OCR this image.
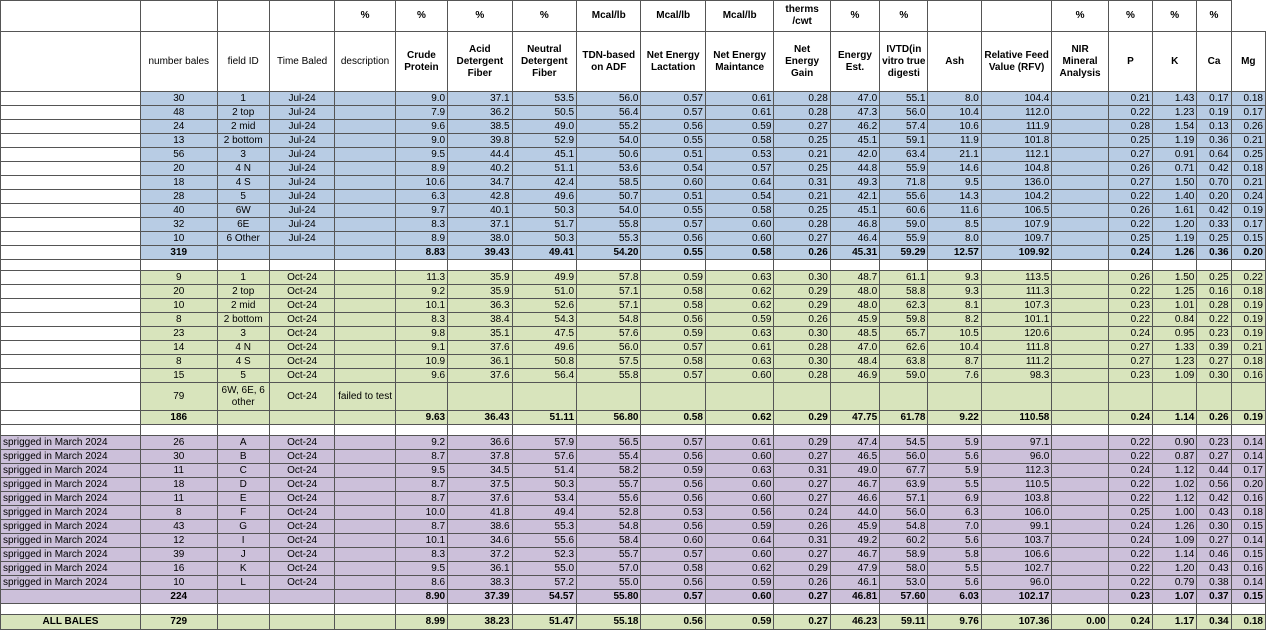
				%	%	%	%	Mcal/lb	Mcal/lb	Mcal/lb	therms /cwt	%	%			%	%	%	%	
	number bales	field ID	Time Baled	description	Crude Protein	Acid Detergent Fiber	Neutral Detergent Fiber	TDN-based on ADF	Net Energy Lactation	Net Energy Maintance	Net Energy Gain	Energy Est.	IVTD(in vitro true digesti	Ash	Relative Feed Value (RFV)	NIR Mineral Analysis	P	K	Ca	Mg
	30	1	Jul-24		9.0	37.1	53.5	56.0	0.57	0.61	0.28	47.0	55.1	8.0	104.4		0.21	1.43	0.17	0.18
	48	2 top	Jul-24		7.9	36.2	50.5	56.4	0.57	0.61	0.28	47.3	56.0	10.4	112.0		0.22	1.23	0.19	0.17
	24	2 mid	Jul-24		9.6	38.5	49.0	55.2	0.56	0.59	0.27	46.2	57.4	10.6	111.9		0.28	1.54	0.13	0.26
	13	2 bottom	Jul-24		9.0	39.8	52.9	54.0	0.55	0.58	0.25	45.1	59.1	11.9	101.8		0.25	1.19	0.36	0.21
	56	3	Jul-24		9.5	44.4	45.1	50.6	0.51	0.53	0.21	42.0	63.4	21.1	112.1		0.27	0.91	0.64	0.25
	20	4 N	Jul-24		8.9	40.2	51.1	53.6	0.54	0.57	0.25	44.8	55.9	14.6	104.8		0.26	0.71	0.42	0.18
	18	4 S	Jul-24		10.6	34.7	42.4	58.5	0.60	0.64	0.31	49.3	71.8	9.5	136.0		0.27	1.50	0.70	0.21
	28	5	Jul-24		6.3	42.8	49.6	50.7	0.51	0.54	0.21	42.1	55.6	14.3	104.2		0.22	1.40	0.20	0.24
	40	6W	Jul-24		9.7	40.1	50.3	54.0	0.55	0.58	0.25	45.1	60.6	11.6	106.5		0.26	1.61	0.42	0.19
	32	6E	Jul-24		8.3	37.1	51.7	55.8	0.57	0.60	0.28	46.8	59.0	8.5	107.9		0.22	1.20	0.33	0.17
	10	6 Other	Jul-24		8.9	38.0	50.3	55.3	0.56	0.60	0.27	46.4	55.9	8.0	109.7		0.25	1.19	0.25	0.15
	319				8.83	39.43	49.41	54.20	0.55	0.58	0.26	45.31	59.29	12.57	109.92		0.24	1.26	0.36	0.20

	9	1	Oct-24		11.3	35.9	49.9	57.8	0.59	0.63	0.30	48.7	61.1	9.3	113.5		0.26	1.50	0.25	0.22
	20	2 top	Oct-24		9.2	35.9	51.0	57.1	0.58	0.62	0.29	48.0	58.8	9.3	111.3		0.22	1.25	0.16	0.18
	10	2 mid	Oct-24		10.1	36.3	52.6	57.1	0.58	0.62	0.29	48.0	62.3	8.1	107.3		0.23	1.01	0.28	0.19
	8	2 bottom	Oct-24		8.3	38.4	54.3	54.8	0.56	0.59	0.26	45.9	59.8	8.2	101.1		0.22	0.84	0.22	0.19
	23	3	Oct-24		9.8	35.1	47.5	57.6	0.59	0.63	0.30	48.5	65.7	10.5	120.6		0.24	0.95	0.23	0.19
	14	4 N	Oct-24		9.1	37.6	49.6	56.0	0.57	0.61	0.28	47.0	62.6	10.4	111.8		0.27	1.33	0.39	0.21
	8	4 S	Oct-24		10.9	36.1	50.8	57.5	0.58	0.63	0.30	48.4	63.8	8.7	111.2		0.27	1.23	0.27	0.18
	15	5	Oct-24		9.6	37.6	56.4	55.8	0.57	0.60	0.28	46.9	59.0	7.6	98.3		0.23	1.09	0.30	0.16
	79	6W, 6E, 6 other	Oct-24	failed to test																
	186				9.63	36.43	51.11	56.80	0.58	0.62	0.29	47.75	61.78	9.22	110.58		0.24	1.14	0.26	0.19

sprigged in March 2024	26	A	Oct-24		9.2	36.6	57.9	56.5	0.57	0.61	0.29	47.4	54.5	5.9	97.1		0.22	0.90	0.23	0.14
sprigged in March 2024	30	B	Oct-24		8.7	37.8	57.6	55.4	0.56	0.60	0.27	46.5	56.0	5.6	96.0		0.22	0.87	0.27	0.14
sprigged in March 2024	11	C	Oct-24		9.5	34.5	51.4	58.2	0.59	0.63	0.31	49.0	67.7	5.9	112.3		0.24	1.12	0.44	0.17
sprigged in March 2024	18	D	Oct-24		8.7	37.5	50.3	55.7	0.56	0.60	0.27	46.7	63.9	5.5	110.5		0.22	1.02	0.56	0.20
sprigged in March 2024	11	E	Oct-24		8.7	37.6	53.4	55.6	0.56	0.60	0.27	46.6	57.1	6.9	103.8		0.22	1.12	0.42	0.16
sprigged in March 2024	8	F	Oct-24		10.0	41.8	49.4	52.8	0.53	0.56	0.24	44.0	56.0	6.3	106.0		0.25	1.00	0.43	0.18
sprigged in March 2024	43	G	Oct-24		8.7	38.6	55.3	54.8	0.56	0.59	0.26	45.9	54.8	7.0	99.1		0.24	1.26	0.30	0.15
sprigged in March 2024	12	I	Oct-24		10.1	34.6	55.6	58.4	0.60	0.64	0.31	49.2	60.2	5.6	103.7		0.24	1.09	0.27	0.14
sprigged in March 2024	39	J	Oct-24		8.3	37.2	52.3	55.7	0.57	0.60	0.27	46.7	58.9	5.8	106.6		0.22	1.14	0.46	0.15
sprigged in March 2024	16	K	Oct-24		9.5	36.1	55.0	57.0	0.58	0.62	0.29	47.9	58.0	5.5	102.7		0.22	1.20	0.43	0.16
sprigged in March 2024	10	L	Oct-24		8.6	38.3	57.2	55.0	0.56	0.59	0.26	46.1	53.0	5.6	96.0		0.22	0.79	0.38	0.14
	224				8.90	37.39	54.57	55.80	0.57	0.60	0.27	46.81	57.60	6.03	102.17		0.23	1.07	0.37	0.15

ALL BALES	729				8.99	38.23	51.47	55.18	0.56	0.59	0.27	46.23	59.11	9.76	107.36	0.00	0.24	1.17	0.34	0.18
